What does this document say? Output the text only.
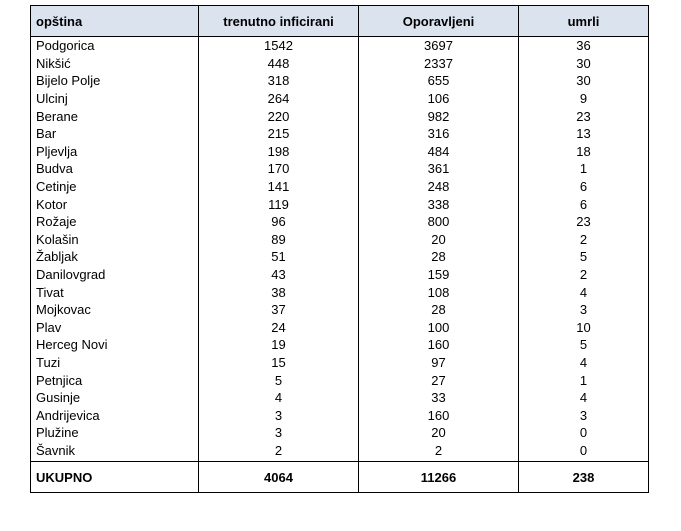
opština	trenutno inficirani	Oporavljeni	umrli
Podgorica	1542	3697	36
Nikšić	448	2337	30
Bijelo Polje	318	655	30
Ulcinj	264	106	9
Berane	220	982	23
Bar	215	316	13
Pljevlja	198	484	18
Budva	170	361	1
Cetinje	141	248	6
Kotor	119	338	6
Rožaje	96	800	23
Kolašin	89	20	2
Žabljak	51	28	5
Danilovgrad	43	159	2
Tivat	38	108	4
Mojkovac	37	28	3
Plav	24	100	10
Herceg Novi	19	160	5
Tuzi	15	97	4
Petnjica	5	27	1
Gusinje	4	33	4
Andrijevica	3	160	3
Plužine	3	20	0
Šavnik	2	2	0
UKUPNO	4064	11266	238
